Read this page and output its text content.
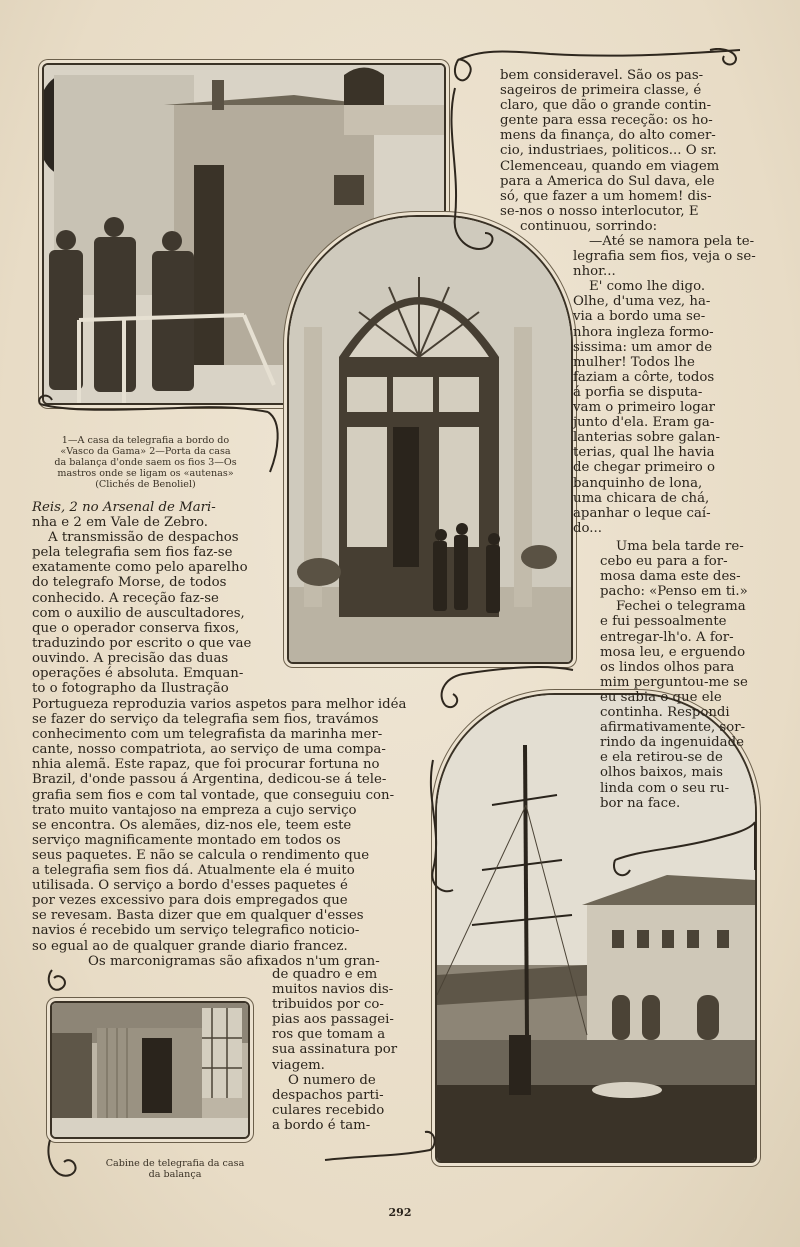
1—A casa da telegrafia a bordo do
«Vasco da Gama» 2—Porta da casa
da balança d'onde saem os fios 3—Os
mastros onde se ligam os «autenas»
(Clichés de Benoliel)

bem consideravel. São os pas-

sageiros de primeira classe, é

claro, que dão o grande contin-

gente para essa receção: os ho-

mens da finança, do alto comer-

cio, industriaes, politicos... O sr.

Clemenceau, quando em viagem

para a America do Sul dava, ele

só, que fazer a um homem! dis-

se-nos o nosso interlocutor, E

continuou, sorrindo:

—Até se namora pela te-

legrafia sem fios, veja o se-

nhor...

E' como lhe digo.

Olhe, d'uma vez, ha-

via a bordo uma se-

nhora ingleza formo-

sissima: um amor de

mulher! Todos lhe

faziam a côrte, todos

á porfia se disputa-

vam o primeiro logar

junto d'ela. Eram ga-

lanterias sobre galan-

terias, qual lhe havia

de chegar primeiro o

banquinho de lona,

uma chicara de chá,

apanhar o leque caí-

do...

Uma bela tarde re-

cebo eu para a for-

mosa dama este des-

pacho: «Penso em ti.»

Fechei o telegrama

e fui pessoalmente

entregar-lh'o. A for-

mosa leu, e erguendo

os lindos olhos para

mim perguntou-me se

eu sabia o que ele

continha. Respondi

afirmativamente, sor-

rindo da ingenuidade

e ela retirou-se de

olhos baixos, mais

linda com o seu ru-

bor na face.

Reis, 2 no Arsenal de Mari-

nha e 2 em Vale de Zebro.

A transmissão de despachos

pela telegrafia sem fios faz-se

exatamente como pelo aparelho

do telegrafo Morse, de todos

conhecido. A receção faz-se

com o auxilio de auscultadores,

que o operador conserva fixos,

traduzindo por escrito o que vae

ouvindo. A precisão das duas

operações é absoluta. Emquan-

to o fotographo da Ilustração

Portugueza reproduzia varios aspetos para melhor idéa

se fazer do serviço da telegrafia sem fios, travámos

conhecimento com um telegrafista da marinha mer-

cante, nosso compatriota, ao serviço de uma compa-

nhia alemã. Este rapaz, que foi procurar fortuna no

Brazil, d'onde passou á Argentina, dedicou-se á tele-

grafia sem fios e com tal vontade, que conseguiu con-

trato muito vantajoso na empreza a cujo serviço

se encontra. Os alemães, diz-nos ele, teem este

serviço magnificamente montado em todos os

seus paquetes. E não se calcula o rendimento que

a telegrafia sem fios dá. Atualmente ela é muito

utilisada. O serviço a bordo d'esses paquetes é

por vezes excessivo para dois empregados que

se revesam. Basta dizer que em qualquer d'esses

navios é recebido um serviço telegrafico noticio-

so egual ao de qualquer grande diario francez.

Os marconigramas são afixados n'um gran-

de quadro e em

muitos navios dis-

tribuidos por co-

pias aos passagei-

ros que tomam a

sua assinatura por

viagem.

O numero de

despachos parti-

culares recebido

a bordo é tam-

Cabine de telegrafia da casa
da balança
292
